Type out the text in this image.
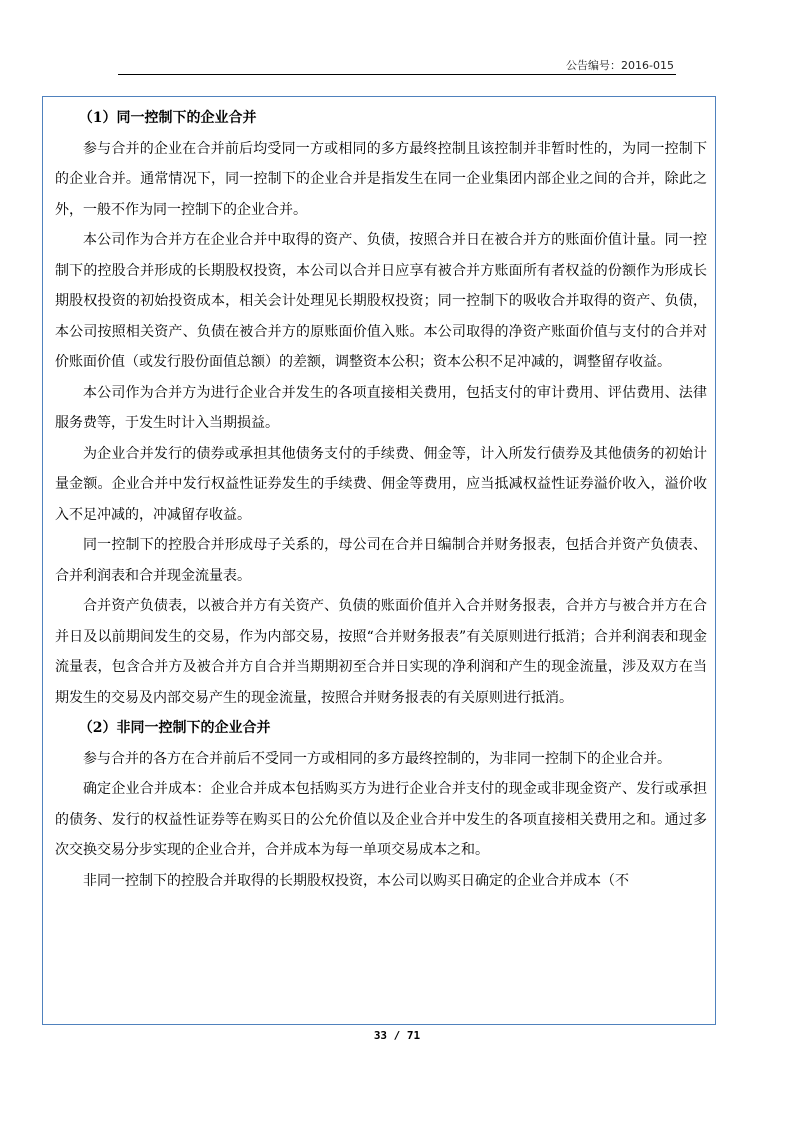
公告编号：2016-015
（1）同一控制下的企业合并

参与合并的企业在合并前后均受同一方或相同的多方最终控制且该控制并非暂时性的，为同一控制下的企业合并。通常情况下，同一控制下的企业合并是指发生在同一企业集团内部企业之间的合并，除此之外，一般不作为同一控制下的企业合并。

本公司作为合并方在企业合并中取得的资产、负债，按照合并日在被合并方的账面价值计量。同一控制下的控股合并形成的长期股权投资，本公司以合并日应享有被合并方账面所有者权益的份额作为形成长期股权投资的初始投资成本，相关会计处理见长期股权投资；同一控制下的吸收合并取得的资产、负债，本公司按照相关资产、负债在被合并方的原账面价值入账。本公司取得的净资产账面价值与支付的合并对价账面价值（或发行股份面值总额）的差额，调整资本公积；资本公积不足冲减的，调整留存收益。

本公司作为合并方为进行企业合并发生的各项直接相关费用，包括支付的审计费用、评估费用、法律服务费等，于发生时计入当期损益。

为企业合并发行的债券或承担其他债务支付的手续费、佣金等，计入所发行债券及其他债务的初始计量金额。企业合并中发行权益性证券发生的手续费、佣金等费用，应当抵减权益性证券溢价收入，溢价收入不足冲减的，冲减留存收益。

同一控制下的控股合并形成母子关系的，母公司在合并日编制合并财务报表，包括合并资产负债表、合并利润表和合并现金流量表。

合并资产负债表，以被合并方有关资产、负债的账面价值并入合并财务报表，合并方与被合并方在合并日及以前期间发生的交易，作为内部交易，按照“合并财务报表”有关原则进行抵消；合并利润表和现金流量表，包含合并方及被合并方自合并当期期初至合并日实现的净利润和产生的现金流量，涉及双方在当期发生的交易及内部交易产生的现金流量，按照合并财务报表的有关原则进行抵消。

（2）非同一控制下的企业合并

参与合并的各方在合并前后不受同一方或相同的多方最终控制的，为非同一控制下的企业合并。

确定企业合并成本：企业合并成本包括购买方为进行企业合并支付的现金或非现金资产、发行或承担的债务、发行的权益性证券等在购买日的公允价值以及企业合并中发生的各项直接相关费用之和。通过多次交换交易分步实现的企业合并，合并成本为每一单项交易成本之和。

非同一控制下的控股合并取得的长期股权投资，本公司以购买日确定的企业合并成本（不

33 / 71
